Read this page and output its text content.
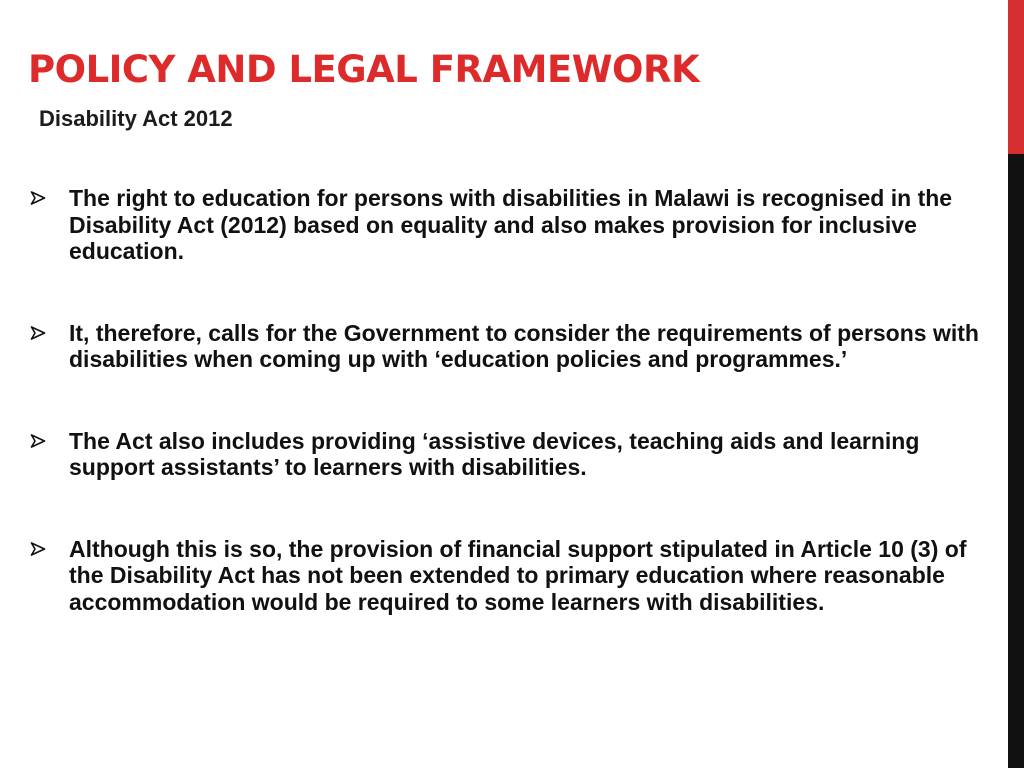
POLICY AND LEGAL FRAMEWORK
Disability Act 2012
The right to education for persons with disabilities in Malawi is recognised in the Disability Act (2012) based on equality and also makes provision for inclusive education.
It, therefore, calls for the Government to consider the requirements of persons with disabilities when coming up with ‘education policies and programmes.’
The Act also includes providing ‘assistive devices, teaching aids and learning support assistants’ to learners with disabilities.
Although this is so, the provision of financial support stipulated in Article 10 (3) of the Disability Act has not been extended to primary education where reasonable accommodation would be required to some learners with disabilities.
